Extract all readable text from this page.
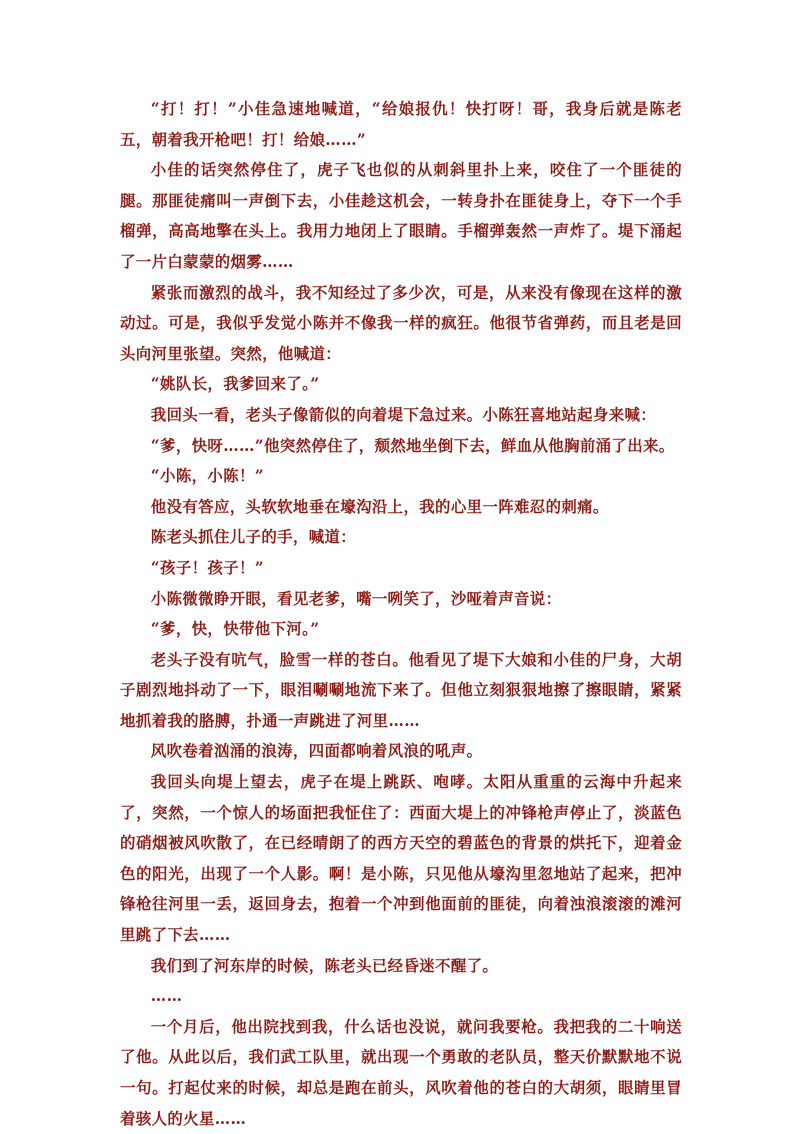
“打！打！”小佳急速地喊道，“给娘报仇！快打呀！哥，我身后就是陈老五，朝着我开枪吧！打！给娘……”

小佳的话突然停住了，虎子飞也似的从刺斜里扑上来，咬住了一个匪徒的腿。那匪徒痛叫一声倒下去，小佳趁这机会，一转身扑在匪徒身上，夺下一个手榴弹，高高地擎在头上。我用力地闭上了眼睛。手榴弹轰然一声炸了。堤下涌起了一片白蒙蒙的烟雾……

紧张而激烈的战斗，我不知经过了多少次，可是，从来没有像现在这样的激动过。可是，我似乎发觉小陈并不像我一样的疯狂。他很节省弹药，而且老是回头向河里张望。突然，他喊道：

“姚队长，我爹回来了。”

我回头一看，老头子像箭似的向着堤下急过来。小陈狂喜地站起身来喊：

“爹，快呀……”他突然停住了，颓然地坐倒下去，鲜血从他胸前涌了出来。

“小陈，小陈！”

他没有答应，头软软地垂在壕沟沿上，我的心里一阵难忍的刺痛。

陈老头抓住儿子的手，喊道：

“孩子！孩子！”

小陈微微睁开眼，看见老爹，嘴一咧笑了，沙哑着声音说：

“爹，快，快带他下河。”

老头子没有吭气，脸雪一样的苍白。他看见了堤下大娘和小佳的尸身，大胡子剧烈地抖动了一下，眼泪唰唰地流下来了。但他立刻狠狠地擦了擦眼睛，紧紧地抓着我的胳膊，扑通一声跳进了河里……

风吹卷着汹涌的浪涛，四面都响着风浪的吼声。

我回头向堤上望去，虎子在堤上跳跃、咆哮。太阳从重重的云海中升起来了，突然，一个惊人的场面把我怔住了：西面大堤上的冲锋枪声停止了，淡蓝色的硝烟被风吹散了，在已经晴朗了的西方天空的碧蓝色的背景的烘托下，迎着金色的阳光，出现了一个人影。啊！是小陈，只见他从壕沟里忽地站了起来，把冲锋枪往河里一丢，返回身去，抱着一个冲到他面前的匪徒，向着浊浪滚滚的滩河里跳了下去……

我们到了河东岸的时候，陈老头已经昏迷不醒了。

……

一个月后，他出院找到我，什么话也没说，就问我要枪。我把我的二十响送了他。从此以后，我们武工队里，就出现一个勇敢的老队员，整天价默默地不说一句。打起仗来的时候，却总是跑在前头，风吹着他的苍白的大胡须，眼睛里冒着骇人的火星……
